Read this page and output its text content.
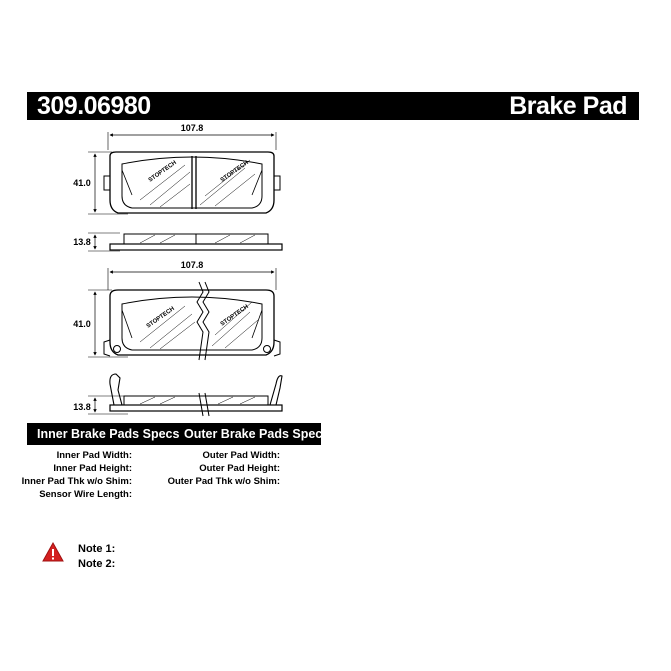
309.06980	Brake Pad
107.8
41.0
13.8
107.8
41.0
13.8
STOPTECH	STOPTECH
STOPTECH	STOPTECH
Inner Brake Pads Specs Outer Brake Pads Specs
Inner Pad Width:
Inner Pad Height:
Inner Pad Thk w/o Shim:
Sensor Wire Length:
Outer Pad Width:
Outer Pad Height:
Outer Pad Thk w/o Shim:
Note 1:
Note 2:
